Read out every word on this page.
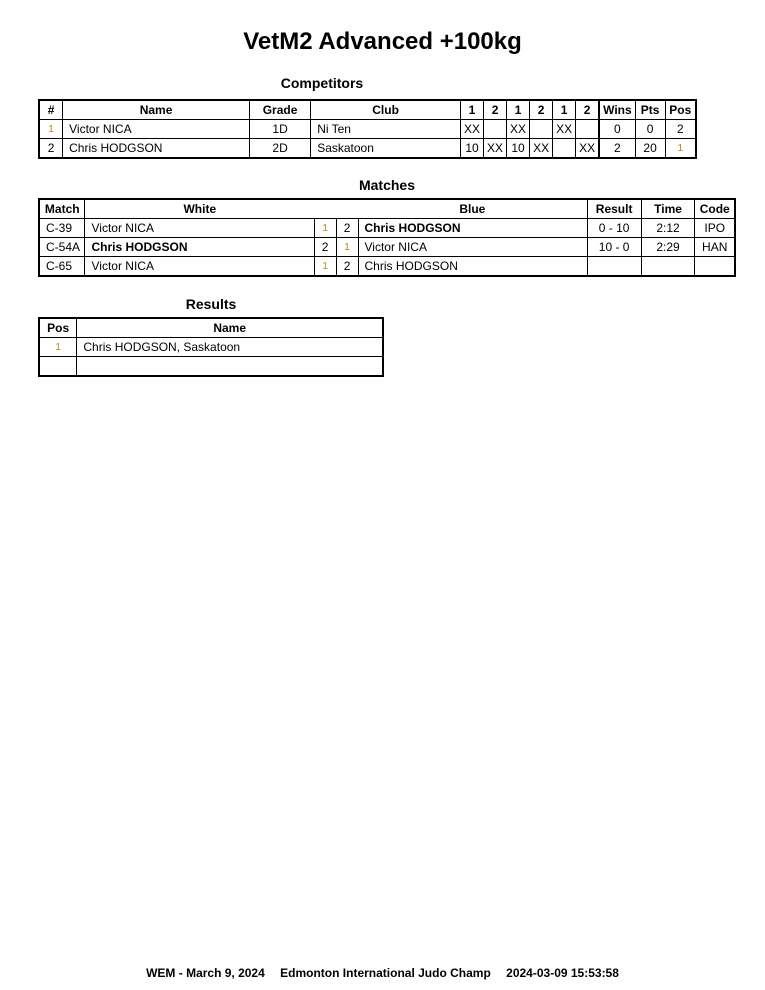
VetM2 Advanced +100kg
Competitors
#	Name	Grade	Club	1	2	1	2	1	2	Wins	Pts	Pos
1	Victor NICA	1D	Ni Ten	XX		XX		XX		0	0	2
2	Chris HODGSON	2D	Saskatoon	10	XX	10	XX		XX	2	20	1
Matches
Match	White			Blue	Result	Time	Code
C-39	Victor NICA	1	2	Chris HODGSON	0 - 10	2:12	IPO
C-54A	Chris HODGSON	2	1	Victor NICA	10 - 0	2:29	HAN
C-65	Victor NICA	1	2	Chris HODGSON			
Results
Pos	Name
1	Chris HODGSON, Saskatoon

WEM - March 9, 2024 Edmonton International Judo Champ 2024-03-09 15:53:58
